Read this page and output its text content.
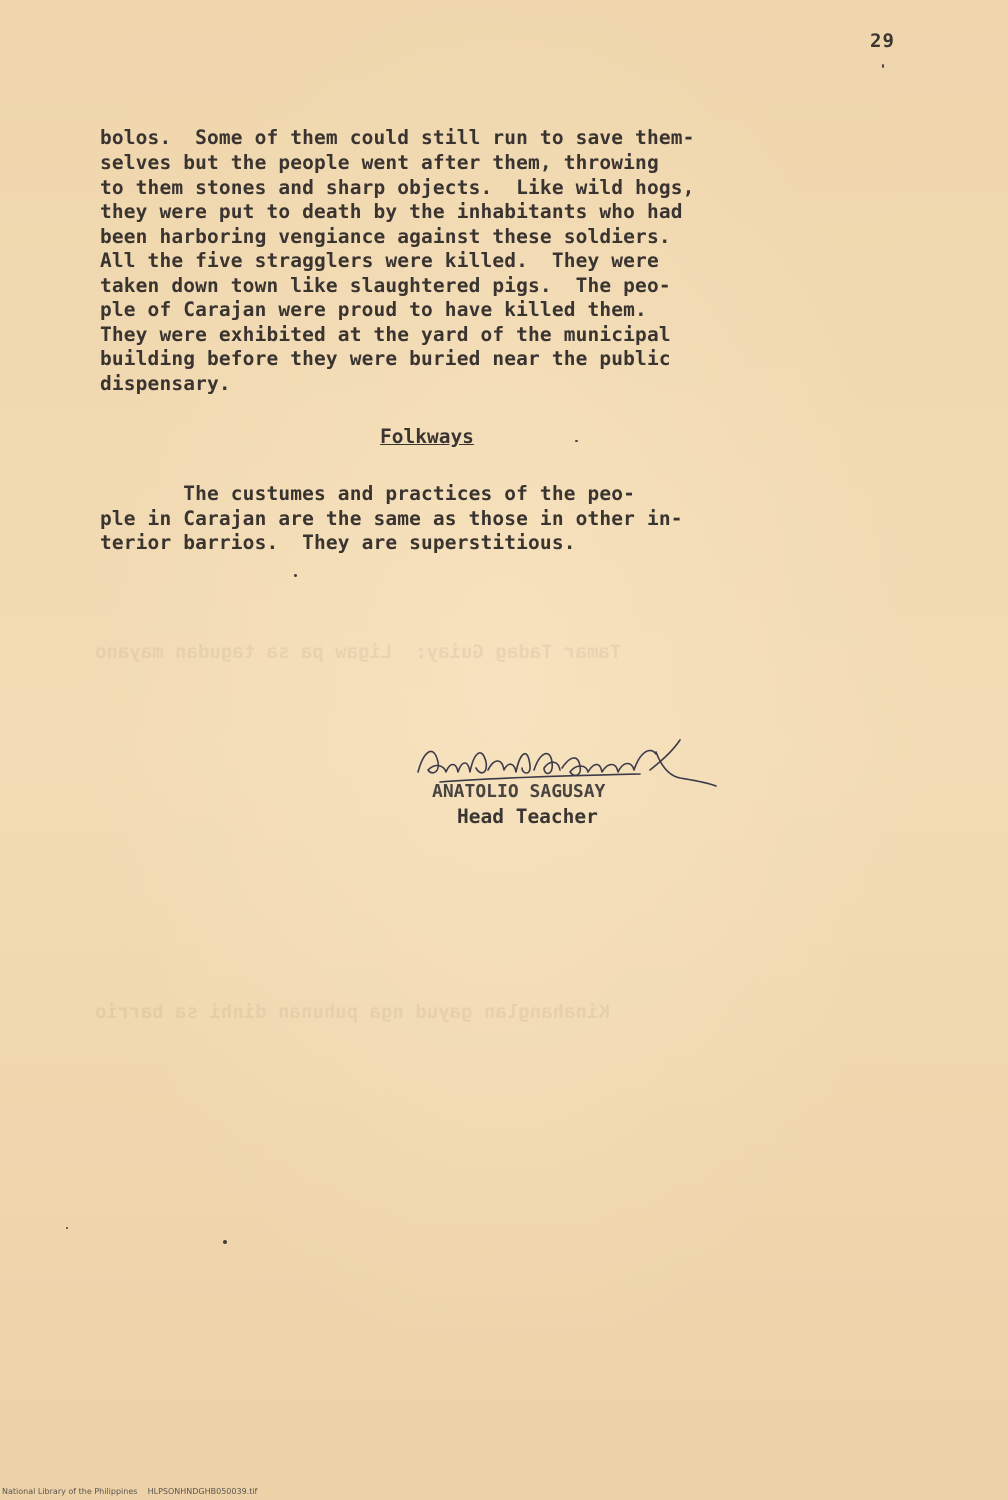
Tamar Tadag Guiay:  Ligaw pa sa tagudan mayano
Kinahanglan gayud nga puhunan dinhi sa barrio
29
bolos.  Some of them could still run to save them-
selves but the people went after them, throwing
to them stones and sharp objects.  Like wild hogs,
they were put to death by the inhabitants who had
been harboring vengiance against these soldiers.
All the five stragglers were killed.  They were
taken down town like slaughtered pigs.  The peo-
ple of Carajan were proud to have killed them.
They were exhibited at the yard of the municipal
building before they were buried near the public
dispensary.
Folkways
The custumes and practices of the peo-
ple in Carajan are the same as those in other in-
terior barrios.  They are superstitious.
ANATOLIO SAGUSAY
Head Teacher
National Library of the Philippines    HLPSONHNDGHB050039.tif
